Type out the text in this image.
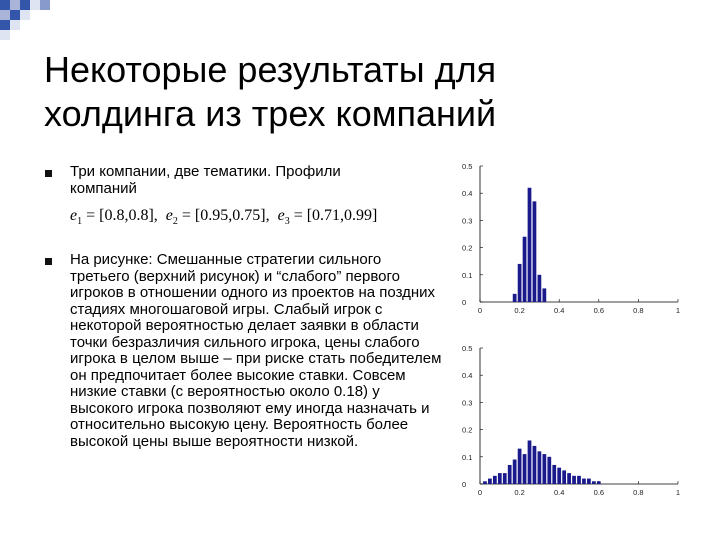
Некоторые результаты для
холдинга из трех компаний

Три компании, две тематики. Профили компаний

$e_1 = [0.8,0.8]$, $e_2 = [0.95,0.75]$, $e_3 = [0.71,0.99]$

На рисунке: Смешанные стратегии сильного третьего (верхний рисунок) и “слабого” первого игроков в отношении одного из проектов на поздних стадиях многошаговой игры. Слабый игрок с некоторой вероятностью делает заявки в области точки безразличия сильного игрока, цены слабого игрока в целом выше – при риске стать победителем он предпочитает более высокие ставки. Совсем низкие ставки (с вероятностью около 0.18) у высокого игрока позволяют ему иногда назначать и относительно высокую цену. Вероятность более высокой цены выше вероятности низкой.

0
0.1
0.2
0.3
0.4
0.5
0	0.2	0.4	0.6	0.8	1
0
0.1
0.2
0.3
0.4
0.5
0	0.2	0.4	0.6	0.8	1
